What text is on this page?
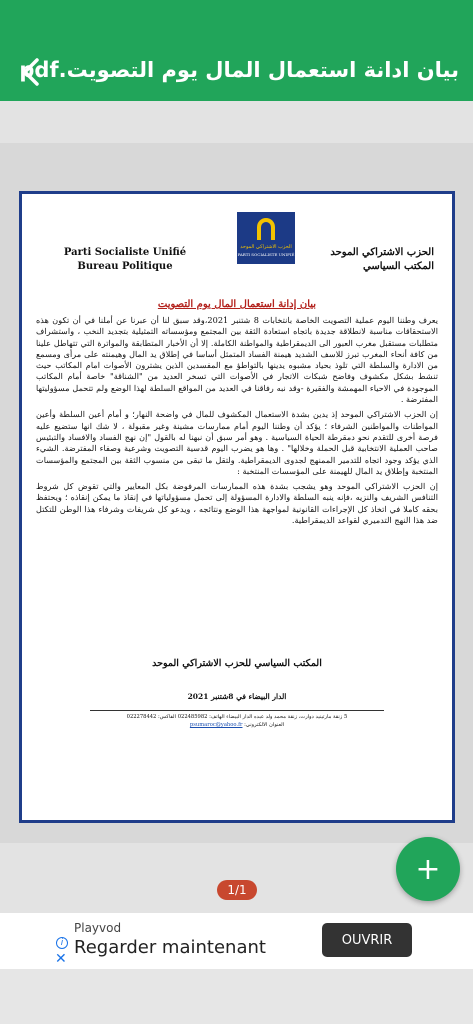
بيان ادانة استعمال المال يوم التصويت.pdf
الحزب الاشتراكي الموحد
PARTI SOCIALISTE UNIFIÉ
Parti Socialiste Unifié
Bureau Politique
الحزب الاشتراكي الموحد
المكتب السياسي
بيان إدانة استعمال المال يوم التصويت

يعرف وطننا اليوم عملية التصويت الخاصة بانتخابات 8 شتنبر 2021،وقد سبق لنا أن عبرنا عن أملنا في أن تكون هذه الاستحقاقات مناسبة لانطلاقة جديدة باتجاه استعادة الثقة بين المجتمع ومؤسساته التمثيلية بتجديد النخب ، واستشراف متطلبات مستقبل مغرب العبور الى الديمقراطية والمواطنة الكاملة. إلا أن الأخبار المتطابقة والمواترة التي تتهاطل علينا من كافة أنحاء المغرب تبرز للاسف الشديد هيمنة الفساد المتمثل أساسا في إطلاق يد المال وهيمنته على مرأى ومسمع من الادارة والسلطة التي تلوذ بحياد مشبوه يدينها بالتواطؤ مع المفسدين الذين يشترون الأصوات امام المكاتب حيث تنشط بشكل مكشوف وفاضح شبكات الاتجار في الأصوات التي تسخر العديد من "الشناقة" خاصة أمام المكاتب الموجودة في الاحياء المهمشة والفقيرة -وقد نبه رفاقنا في العديد من المواقع السلطة لهذا الوضع ولم تتحمل مسؤوليتها المفترضة .

إن الحزب الاشتراكي الموحد إذ يدين بشدة الاستعمال المكشوف للمال في واضحة النهار؛ و أمام أعين السلطة وأعين المواطنات والمواطنين الشرفاء ؛ يؤكد أن وطننا اليوم أمام ممارسات مشينة وغير مقبولة ، لا شك انها ستضيع عليه فرصة أخرى للتقدم نحو دمقرطة الحياة السياسية . وهو أمر سبق أن نبهنا له بالقول "إن نهج الفساد والافساد والتبئيس صاحب العملية الانتخابية قبل الحملة وخلالها" . وها هو يضرب اليوم قدسية التصويت وشرعية وصفاء المفترضة. الشيء الذي يؤكد وجود اتجاه للتدمير الممنهج لجدوى الديمقراطية. ولتقل ما تبقى من منسوب الثقة بين المجتمع والمؤسسات المنتخبة وإطلاق يد المال للهيمنة على المؤسسات المنتخبة :

إن الحزب الاشتراكي الموحد وهو يشجب بشدة هذه الممارسات المرفوضة بكل المعايير والتي تقوض كل شروط التنافس الشريف والنزيه ،فإنه ينبه السلطة والادارة المسؤولة إلى تحمل مسؤولياتها في إنقاذ ما يمكن إنقاذه ؛ ويحتفظ بحقه كاملا في اتخاذ كل الإجراءات القانونية لمواجهة هذا الوضع ونتائجه ، ويدعو كل شريفات وشرفاء هذا الوطن للتكتل ضد هذا النهج التدميري لقواعد الديمقراطية.

المكتب السياسي للحزب الاشتراكي الموحد
الدار البيضاء في 8شتنبر 2021
5 زنقة مارتينيد دوارت، زنقة محمد ولد عبده الدار البيضاء الهاتف: 022485982 الفاكس: 022278442
العنوان الالكتروني: psumaroc@yahoo.fr
+
1/1
i
✕
Playvod
Regarder maintenant	OUVRIR
